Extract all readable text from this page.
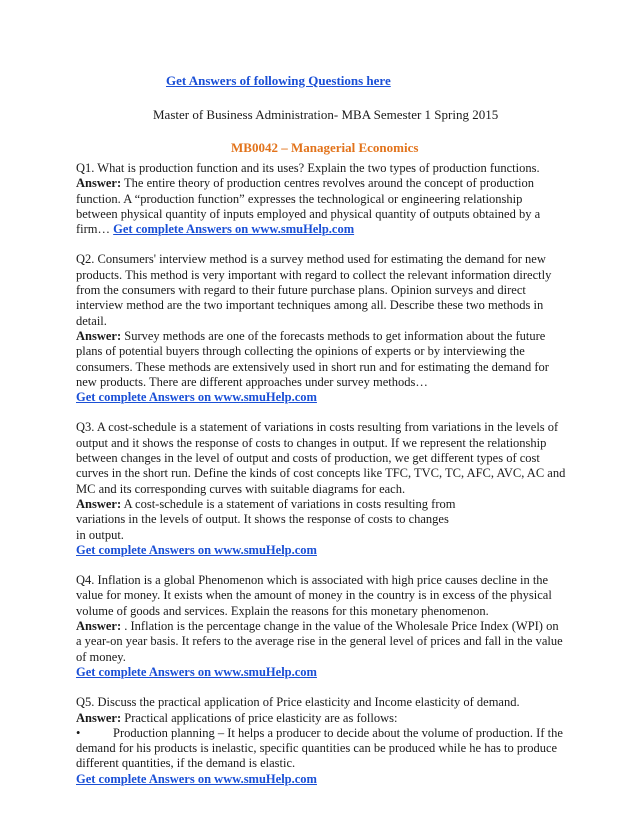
Get Answers of following Questions here
Master of Business Administration- MBA Semester 1 Spring 2015
MB0042 – Managerial Economics

Q1. What is production function and its uses? Explain the two types of production functions.
Answer: The entire theory of production centres revolves around the concept of production function. A “production function” expresses the technological or engineering relationship between physical quantity of inputs employed and physical quantity of outputs obtained by a firm… Get complete Answers on www.smuHelp.com

Q2. Consumers' interview method is a survey method used for estimating the demand for new products. This method is very important with regard to collect the relevant information directly from the consumers with regard to their future purchase plans. Opinion surveys and direct interview method are the two important techniques among all. Describe these two methods in detail.
Answer: Survey methods are one of the forecasts methods to get information about the future plans of potential buyers through collecting the opinions of experts or by interviewing the consumers. These methods are extensively used in short run and for estimating the demand for new products. There are different approaches under survey methods…
Get complete Answers on www.smuHelp.com

Q3. A cost-schedule is a statement of variations in costs resulting from variations in the levels of output and it shows the response of costs to changes in output. If we represent the relationship between changes in the level of output and costs of production, we get different types of cost curves in the short run. Define the kinds of cost concepts like TFC, TVC, TC, AFC, AVC, AC and MC and its corresponding curves with suitable diagrams for each.
Answer: A cost-schedule is a statement of variations in costs resulting from
variations in the levels of output. It shows the response of costs to changes
in output.
Get complete Answers on www.smuHelp.com

Q4. Inflation is a global Phenomenon which is associated with high price causes decline in the value for money. It exists when the amount of money in the country is in excess of the physical volume of goods and services. Explain the reasons for this monetary phenomenon.
Answer: . Inflation is the percentage change in the value of the Wholesale Price Index (WPI) on a year-on year basis. It refers to the average rise in the general level of prices and fall in the value of money.
Get complete Answers on www.smuHelp.com

Q5. Discuss the practical application of Price elasticity and Income elasticity of demand.
Answer: Practical applications of price elasticity are as follows:
•	Production planning – It helps a producer to decide about the volume of production. If the demand for his products is inelastic, specific quantities can be produced while he has to produce different quantities, if the demand is elastic.
Get complete Answers on www.smuHelp.com
